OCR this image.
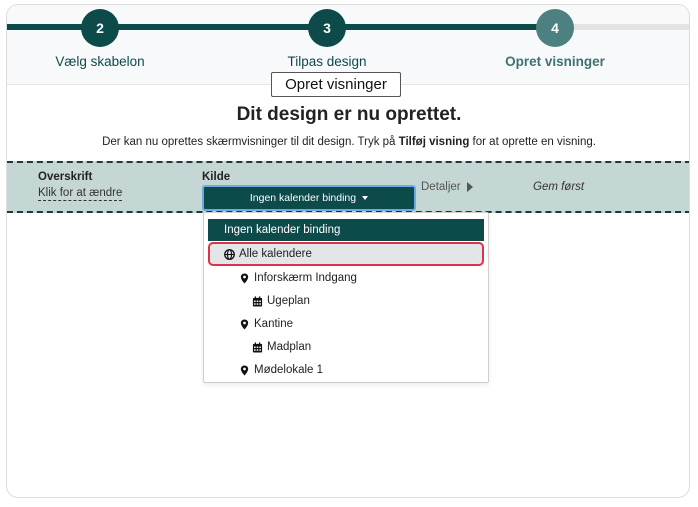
2
Vælg skabelon
3
Tilpas design
4
Opret visninger
Opret visninger
Dit design er nu oprettet.
Der kan nu oprettes skærmvisninger til dit design. Tryk på Tilføj visning for at oprette en visning.
Overskrift
Klik for at ændre
Kilde
Ingen kalender binding
Detaljer	Gem først
Ingen kalender binding
Alle kalendere
Inforskærm Indgang
Ugeplan
Kantine
Madplan
Mødelokale 1
